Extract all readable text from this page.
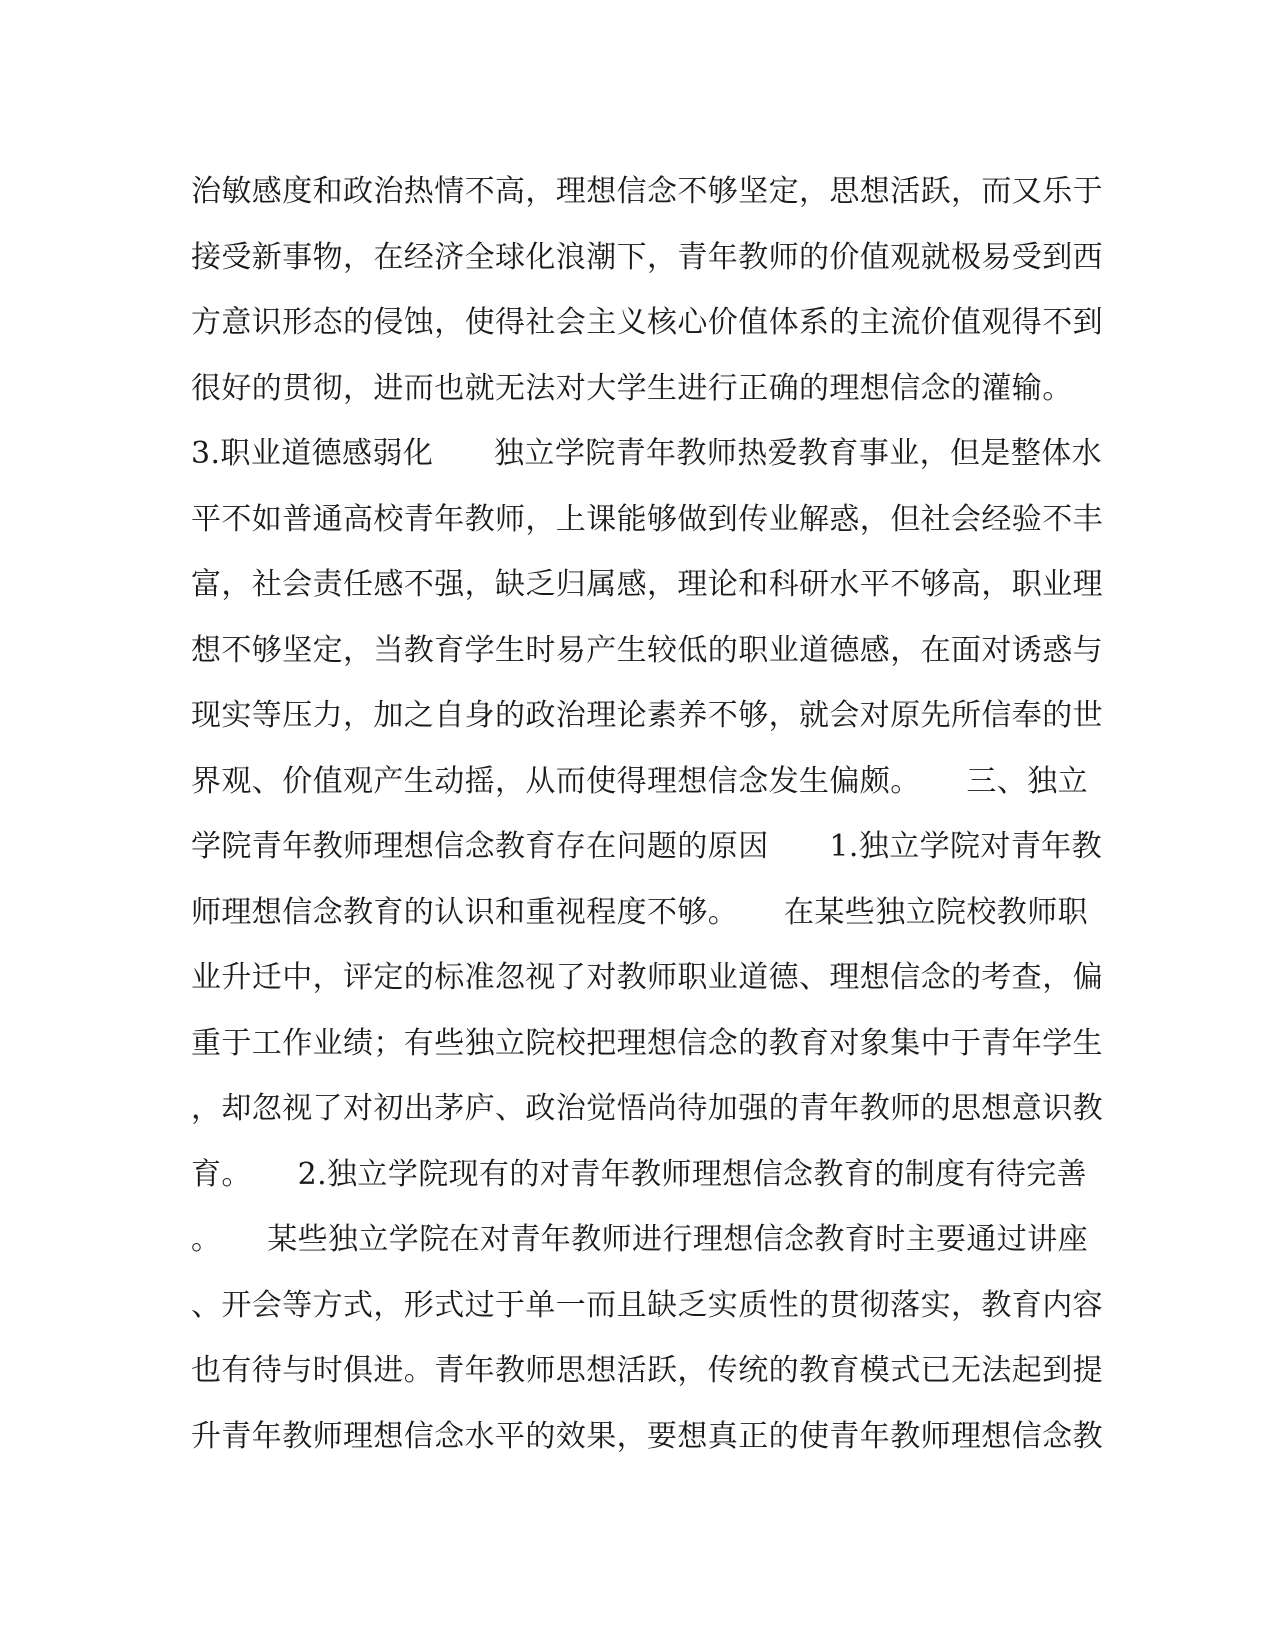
治敏感度和政治热情不高，理想信念不够坚定，思想活跃，而又乐于
接受新事物，在经济全球化浪潮下，青年教师的价值观就极易受到西
方意识形态的侵蚀，使得社会主义核心价值体系的主流价值观得不到
很好的贯彻，进而也就无法对大学生进行正确的理想信念的灌输。
3.职业道德感弱化　　独立学院青年教师热爱教育事业，但是整体水
平不如普通高校青年教师，上课能够做到传业解惑，但社会经验不丰
富，社会责任感不强，缺乏归属感，理论和科研水平不够高，职业理
想不够坚定，当教育学生时易产生较低的职业道德感，在面对诱惑与
现实等压力，加之自身的政治理论素养不够，就会对原先所信奉的世
界观、价值观产生动摇，从而使得理想信念发生偏颇。　　三、独立
学院青年教师理想信念教育存在问题的原因　　1.独立学院对青年教
师理想信念教育的认识和重视程度不够。　　在某些独立院校教师职
业升迁中，评定的标准忽视了对教师职业道德、理想信念的考查，偏
重于工作业绩；有些独立院校把理想信念的教育对象集中于青年学生
，却忽视了对初出茅庐、政治觉悟尚待加强的青年教师的思想意识教
育。　　2.独立学院现有的对青年教师理想信念教育的制度有待完善
。　　某些独立学院在对青年教师进行理想信念教育时主要通过讲座
、开会等方式，形式过于单一而且缺乏实质性的贯彻落实，教育内容
也有待与时俱进。青年教师思想活跃，传统的教育模式已无法起到提
升青年教师理想信念水平的效果，要想真正的使青年教师理想信念教
